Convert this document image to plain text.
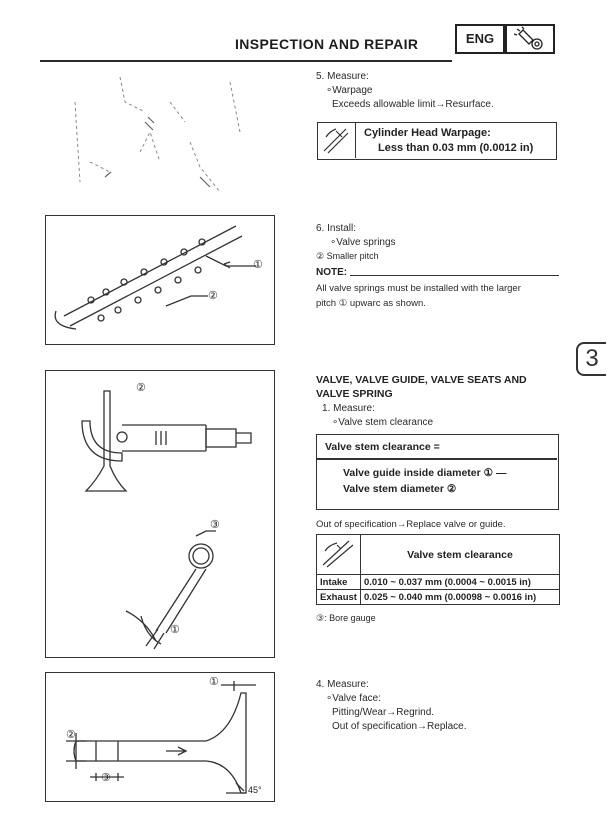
INSPECTION AND REPAIR	ENG
5. Measure:
∘Warpage
Exceeds allowable limit→Resurface.
Cylinder Head Warpage:
Less than 0.03 mm (0.0012 in)
①
②
6. Install:
∘Valve springs
② Smaller pitch
NOTE:
All valve springs must be installed with the larger
pitch ① upwarc as shown.
3
②
③
①
VALVE, VALVE GUIDE, VALVE SEATS AND
VALVE SPRING
1. Measure:
∘Valve stem clearance
Valve stem clearance =
Valve guide inside diameter ① —
Valve stem diameter ②
Out of specification→Replace valve or guide.
	Valve stem clearance
Intake	0.010 ~ 0.037 mm (0.0004 ~ 0.0015 in)
Exhaust	0.025 ~ 0.040 mm (0.00098 ~ 0.0016 in)
③: Bore gauge
①
②
③
45°
4. Measure:
∘Valve face:
Pitting/Wear→Regrind.
Out of specification→Replace.
